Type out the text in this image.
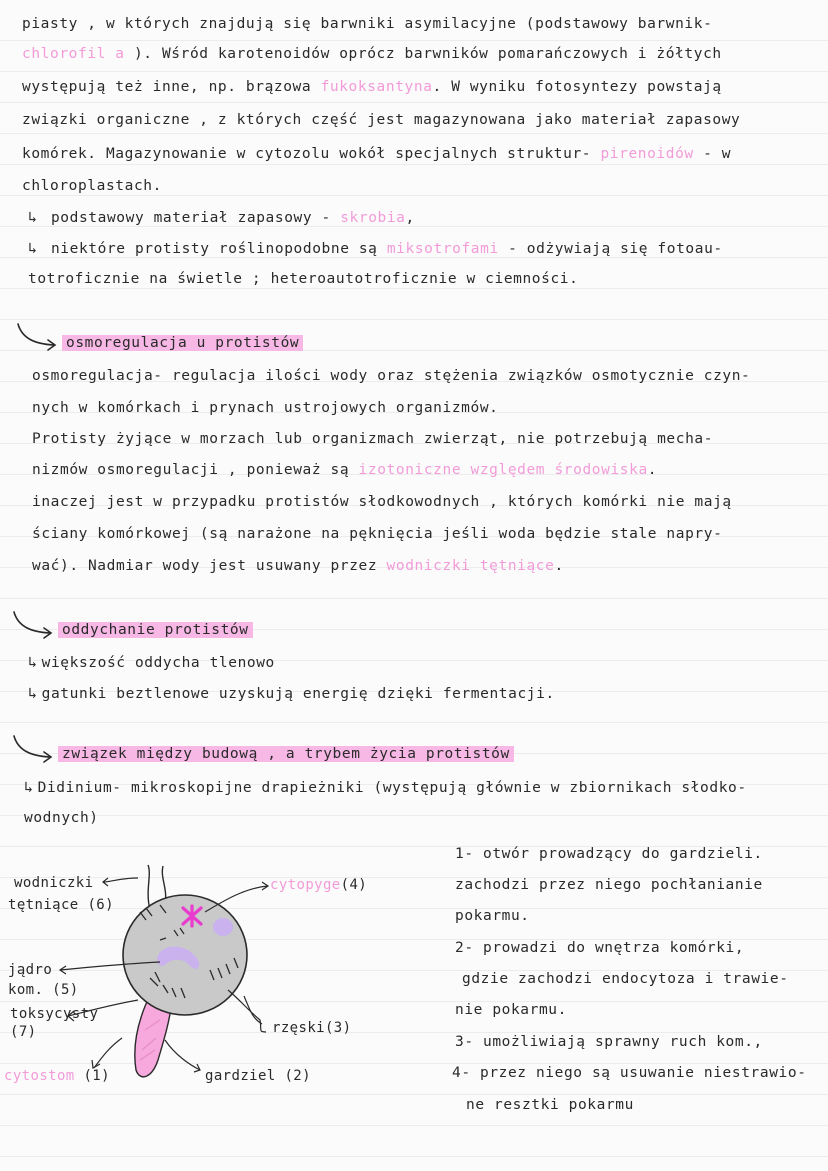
piasty , w których znajdują się barwniki asymilacyjne (podstawowy barwnik-
chlorofil a ). Wśród karotenoidów oprócz barwników pomarańczowych i żółtych
występują też inne, np. brązowa fukoksantyna. W wyniku fotosyntezy powstają
związki organiczne , z których część jest magazynowana jako materiał zapasowy
komórek. Magazynowanie w cytozolu wokół specjalnych struktur- pirenoidów - w
chloroplastach.
↳ podstawowy materiał zapasowy - skrobia,
↳ niektóre protisty roślinopodobne są miksotrofami - odżywiają się fotoau-
totroficznie na świetle ; heteroautotroficznie w ciemności.
osmoregulacja u protistów
osmoregulacja- regulacja ilości wody oraz stężenia związków osmotycznie czyn-
nych w komórkach i prynach ustrojowych organizmów.
Protisty żyjące w morzach lub organizmach zwierząt, nie potrzebują mecha-
nizmów osmoregulacji , ponieważ są izotoniczne względem środowiska.
inaczej jest w przypadku protistów słodkowodnych , których komórki nie mają
ściany komórkowej (są narażone na pęknięcia jeśli woda będzie stale napry-
wać). Nadmiar wody jest usuwany przez wodniczki tętniące.
oddychanie protistów
↳ większość oddycha tlenowo
↳ gatunki beztlenowe uzyskują energię dzięki fermentacji.
związek między budową , a trybem życia protistów
↳ Didinium- mikroskopijne drapieżniki (występują głównie w zbiornikach słodko-
wodnych)
wodniczki
tętniące (6)
cytopyge(4)
jądro
kom. (5)
toksycysty
(7)	rzęski(3)
cytostom (1)	gardziel (2)
1- otwór prowadzący do gardzieli.
zachodzi przez niego pochłanianie
pokarmu.
2- prowadzi do wnętrza komórki,
gdzie zachodzi endocytoza i trawie-
nie pokarmu.
3- umożliwiają sprawny ruch kom.,
4- przez niego są usuwanie niestrawio-
ne resztki pokarmu
